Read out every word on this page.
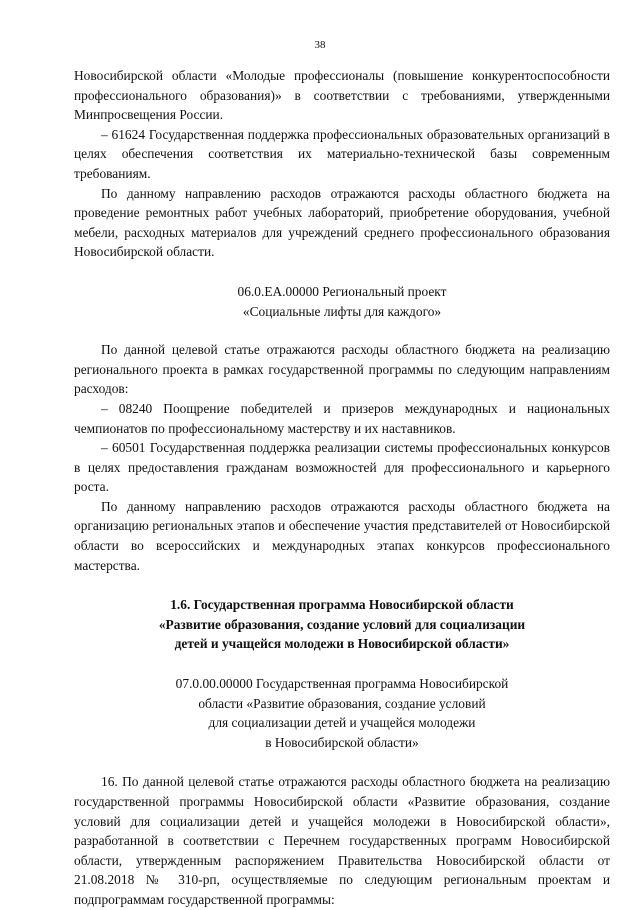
38

Новосибирской области «Молодые профессионалы (повышение конкурентоспособности профессионального образования)» в соответствии с требованиями, утвержденными Минпросвещения России.

– 61624 Государственная поддержка профессиональных образовательных организаций в целях обеспечения соответствия их материально-технической базы современным требованиям.

По данному направлению расходов отражаются расходы областного бюджета на проведение ремонтных работ учебных лабораторий, приобретение оборудования, учебной мебели, расходных материалов для учреждений среднего профессионального образования Новосибирской области.

06.0.ЕА.00000 Региональный проект
«Социальные лифты для каждого»

По данной целевой статье отражаются расходы областного бюджета на реализацию регионального проекта в рамках государственной программы по следующим направлениям расходов:

– 08240 Поощрение победителей и призеров международных и национальных чемпионатов по профессиональному мастерству и их наставников.

– 60501 Государственная поддержка реализации системы профессиональных конкурсов в целях предоставления гражданам возможностей для профессионального и карьерного роста.

По данному направлению расходов отражаются расходы областного бюджета на организацию региональных этапов и обеспечение участия представителей от Новосибирской области во всероссийских и международных этапах конкурсов профессионального мастерства.

1.6. Государственная программа Новосибирской области
«Развитие образования, создание условий для социализации
детей и учащейся молодежи в Новосибирской области»
07.0.00.00000 Государственная программа Новосибирской
области «Развитие образования, создание условий
для социализации детей и учащейся молодежи
в Новосибирской области»

16. По данной целевой статье отражаются расходы областного бюджета на реализацию государственной программы Новосибирской области «Развитие образования, создание условий для социализации детей и учащейся молодежи в Новосибирской области», разработанной в соответствии с Перечнем государственных программ Новосибирской области, утвержденным распоряжением Правительства Новосибирской области от 21.08.2018 № 310-рп, осуществляемые по следующим региональным проектам и подпрограммам государственной программы:
